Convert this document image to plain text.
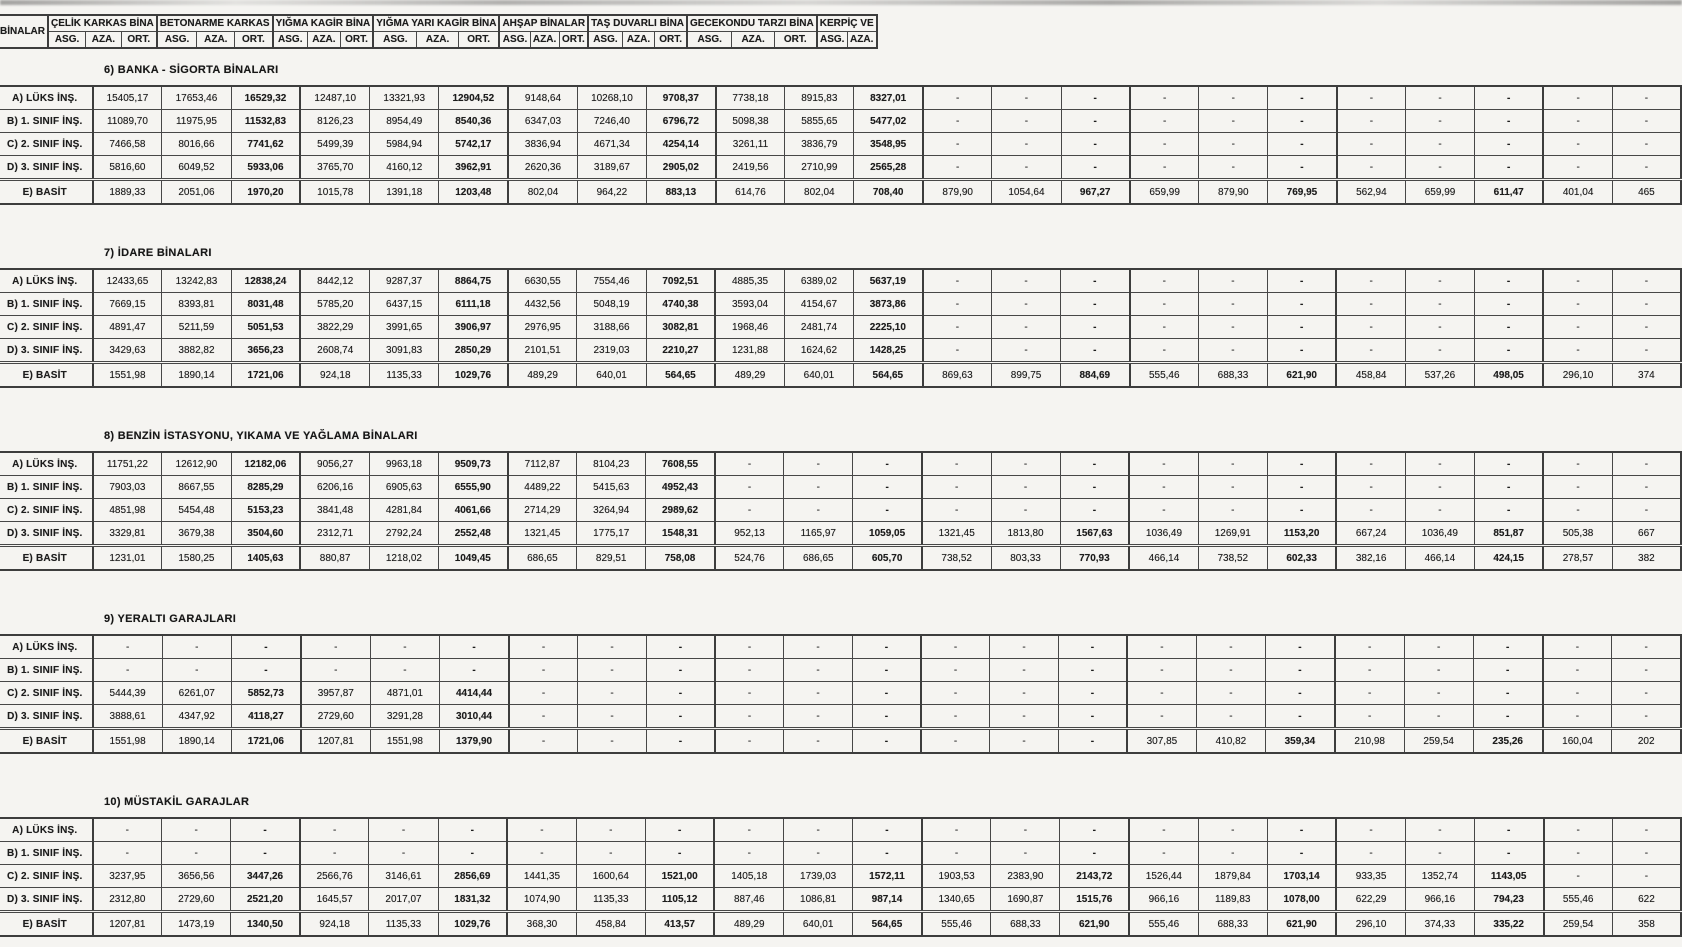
BİNALAR	ÇELİK KARKAS BİNA			BETONARME KARKAS			YIĞMA KAGİR BİNA			YIĞMA YARI KAGİR BİNA			AHŞAP BİNALAR			TAŞ DUVARLI BİNA			GECEKONDU TARZI BİNA			KERPİÇ VE	
	ASG.	AZA.	ORT.	ASG.	AZA.	ORT.	ASG.	AZA.	ORT.	ASG.	AZA.	ORT.	ASG.	AZA.	ORT.	ASG.	AZA.	ORT.	ASG.	AZA.	ORT.	ASG.	AZA.
6) BANKA - SİGORTA BİNALARI
A) LÜKS İNŞ.	15405,17	17653,46	16529,32	12487,10	13321,93	12904,52	9148,64	10268,10	9708,37	7738,18	8915,83	8327,01	-	-	-	-	-	-	-	-	-	-	-
B) 1. SINIF İNŞ.	11089,70	11975,95	11532,83	8126,23	8954,49	8540,36	6347,03	7246,40	6796,72	5098,38	5855,65	5477,02	-	-	-	-	-	-	-	-	-	-	-
C) 2. SINIF İNŞ.	7466,58	8016,66	7741,62	5499,39	5984,94	5742,17	3836,94	4671,34	4254,14	3261,11	3836,79	3548,95	-	-	-	-	-	-	-	-	-	-	-
D) 3. SINIF İNŞ.	5816,60	6049,52	5933,06	3765,70	4160,12	3962,91	2620,36	3189,67	2905,02	2419,56	2710,99	2565,28	-	-	-	-	-	-	-	-	-	-	-
E) BASİT	1889,33	2051,06	1970,20	1015,78	1391,18	1203,48	802,04	964,22	883,13	614,76	802,04	708,40	879,90	1054,64	967,27	659,99	879,90	769,95	562,94	659,99	611,47	401,04	465
7) İDARE BİNALARI
A) LÜKS İNŞ.	12433,65	13242,83	12838,24	8442,12	9287,37	8864,75	6630,55	7554,46	7092,51	4885,35	6389,02	5637,19	-	-	-	-	-	-	-	-	-	-	-
B) 1. SINIF İNŞ.	7669,15	8393,81	8031,48	5785,20	6437,15	6111,18	4432,56	5048,19	4740,38	3593,04	4154,67	3873,86	-	-	-	-	-	-	-	-	-	-	-
C) 2. SINIF İNŞ.	4891,47	5211,59	5051,53	3822,29	3991,65	3906,97	2976,95	3188,66	3082,81	1968,46	2481,74	2225,10	-	-	-	-	-	-	-	-	-	-	-
D) 3. SINIF İNŞ.	3429,63	3882,82	3656,23	2608,74	3091,83	2850,29	2101,51	2319,03	2210,27	1231,88	1624,62	1428,25	-	-	-	-	-	-	-	-	-	-	-
E) BASİT	1551,98	1890,14	1721,06	924,18	1135,33	1029,76	489,29	640,01	564,65	489,29	640,01	564,65	869,63	899,75	884,69	555,46	688,33	621,90	458,84	537,26	498,05	296,10	374
8) BENZİN İSTASYONU, YIKAMA VE YAĞLAMA BİNALARI
A) LÜKS İNŞ.	11751,22	12612,90	12182,06	9056,27	9963,18	9509,73	7112,87	8104,23	7608,55	-	-	-	-	-	-	-	-	-	-	-	-	-	-
B) 1. SINIF İNŞ.	7903,03	8667,55	8285,29	6206,16	6905,63	6555,90	4489,22	5415,63	4952,43	-	-	-	-	-	-	-	-	-	-	-	-	-	-
C) 2. SINIF İNŞ.	4851,98	5454,48	5153,23	3841,48	4281,84	4061,66	2714,29	3264,94	2989,62	-	-	-	-	-	-	-	-	-	-	-	-	-	-
D) 3. SINIF İNŞ.	3329,81	3679,38	3504,60	2312,71	2792,24	2552,48	1321,45	1775,17	1548,31	952,13	1165,97	1059,05	1321,45	1813,80	1567,63	1036,49	1269,91	1153,20	667,24	1036,49	851,87	505,38	667
E) BASİT	1231,01	1580,25	1405,63	880,87	1218,02	1049,45	686,65	829,51	758,08	524,76	686,65	605,70	738,52	803,33	770,93	466,14	738,52	602,33	382,16	466,14	424,15	278,57	382
9) YERALTI GARAJLARI
A) LÜKS İNŞ.	-	-	-	-	-	-	-	-	-	-	-	-	-	-	-	-	-	-	-	-	-	-	-
B) 1. SINIF İNŞ.	-	-	-	-	-	-	-	-	-	-	-	-	-	-	-	-	-	-	-	-	-	-	-
C) 2. SINIF İNŞ.	5444,39	6261,07	5852,73	3957,87	4871,01	4414,44	-	-	-	-	-	-	-	-	-	-	-	-	-	-	-	-	-
D) 3. SINIF İNŞ.	3888,61	4347,92	4118,27	2729,60	3291,28	3010,44	-	-	-	-	-	-	-	-	-	-	-	-	-	-	-	-	-
E) BASİT	1551,98	1890,14	1721,06	1207,81	1551,98	1379,90	-	-	-	-	-	-	-	-	-	307,85	410,82	359,34	210,98	259,54	235,26	160,04	202
10) MÜSTAKİL GARAJLAR
A) LÜKS İNŞ.	-	-	-	-	-	-	-	-	-	-	-	-	-	-	-	-	-	-	-	-	-	-	-
B) 1. SINIF İNŞ.	-	-	-	-	-	-	-	-	-	-	-	-	-	-	-	-	-	-	-	-	-	-	-
C) 2. SINIF İNŞ.	3237,95	3656,56	3447,26	2566,76	3146,61	2856,69	1441,35	1600,64	1521,00	1405,18	1739,03	1572,11	1903,53	2383,90	2143,72	1526,44	1879,84	1703,14	933,35	1352,74	1143,05	-	-
D) 3. SINIF İNŞ.	2312,80	2729,60	2521,20	1645,57	2017,07	1831,32	1074,90	1135,33	1105,12	887,46	1086,81	987,14	1340,65	1690,87	1515,76	966,16	1189,83	1078,00	622,29	966,16	794,23	555,46	622
E) BASİT	1207,81	1473,19	1340,50	924,18	1135,33	1029,76	368,30	458,84	413,57	489,29	640,01	564,65	555,46	688,33	621,90	555,46	688,33	621,90	296,10	374,33	335,22	259,54	358
